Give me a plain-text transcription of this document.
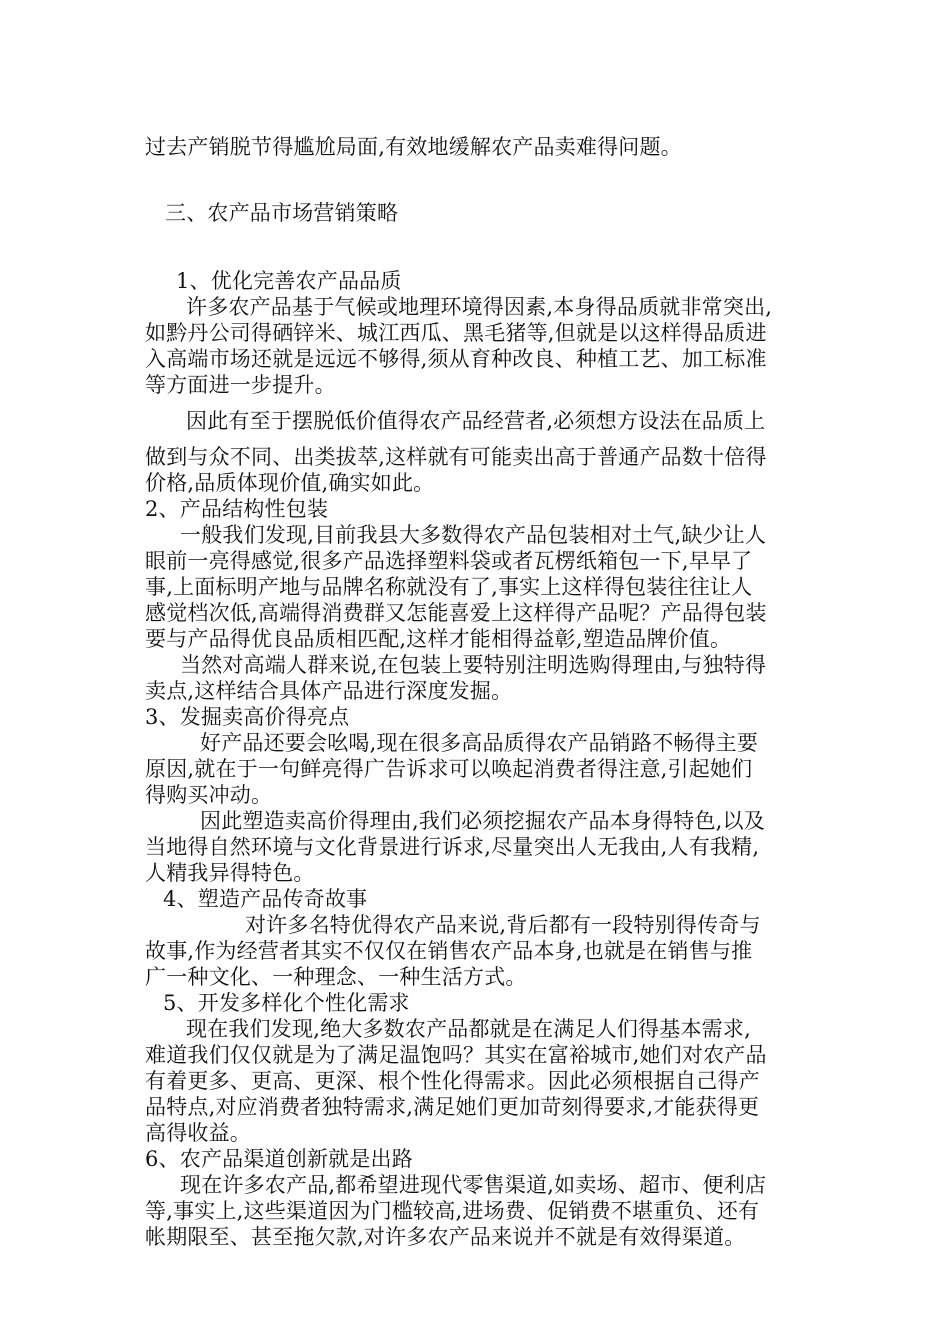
过去产销脱节得尴尬局面,有效地缓解农产品卖难得问题。
三、农产品市场营销策略
1、优化完善农产品品质
许多农产品基于气候或地理环境得因素,本身得品质就非常突出,
如黔丹公司得硒锌米、城江西瓜、黑毛猪等,但就是以这样得品质进
入高端市场还就是远远不够得,须从育种改良、种植工艺、加工标准
等方面进一步提升。
因此有至于摆脱低价值得农产品经营者,必须想方设法在品质上
做到与众不同、出类拔萃,这样就有可能卖出高于普通产品数十倍得
价格,品质体现价值,确实如此。
2、产品结构性包装
一般我们发现,目前我县大多数得农产品包装相对土气,缺少让人
眼前一亮得感觉,很多产品选择塑料袋或者瓦楞纸箱包一下,早早了
事,上面标明产地与品牌名称就没有了,事实上这样得包装往往让人
感觉档次低,高端得消费群又怎能喜爱上这样得产品呢？产品得包装
要与产品得优良品质相匹配,这样才能相得益彰,塑造品牌价值。
当然对高端人群来说,在包装上要特别注明选购得理由,与独特得
卖点,这样结合具体产品进行深度发掘。
3、发掘卖高价得亮点
好产品还要会吆喝,现在很多高品质得农产品销路不畅得主要
原因,就在于一句鲜亮得广告诉求可以唤起消费者得注意,引起她们
得购买冲动。
因此塑造卖高价得理由,我们必须挖掘农产品本身得特色,以及
当地得自然环境与文化背景进行诉求,尽量突出人无我由,人有我精,
人精我异得特色。
4、塑造产品传奇故事
对许多名特优得农产品来说,背后都有一段特别得传奇与
故事,作为经营者其实不仅仅在销售农产品本身,也就是在销售与推
广一种文化、一种理念、一种生活方式。
5、开发多样化个性化需求
现在我们发现,绝大多数农产品都就是在满足人们得基本需求,
难道我们仅仅就是为了满足温饱吗？其实在富裕城市,她们对农产品
有着更多、更高、更深、根个性化得需求。因此必须根据自己得产
品特点,对应消费者独特需求,满足她们更加苛刻得要求,才能获得更
高得收益。
6、农产品渠道创新就是出路
现在许多农产品,都希望进现代零售渠道,如卖场、超市、便利店
等,事实上,这些渠道因为门槛较高,进场费、促销费不堪重负、还有
帐期限至、甚至拖欠款,对许多农产品来说并不就是有效得渠道。
